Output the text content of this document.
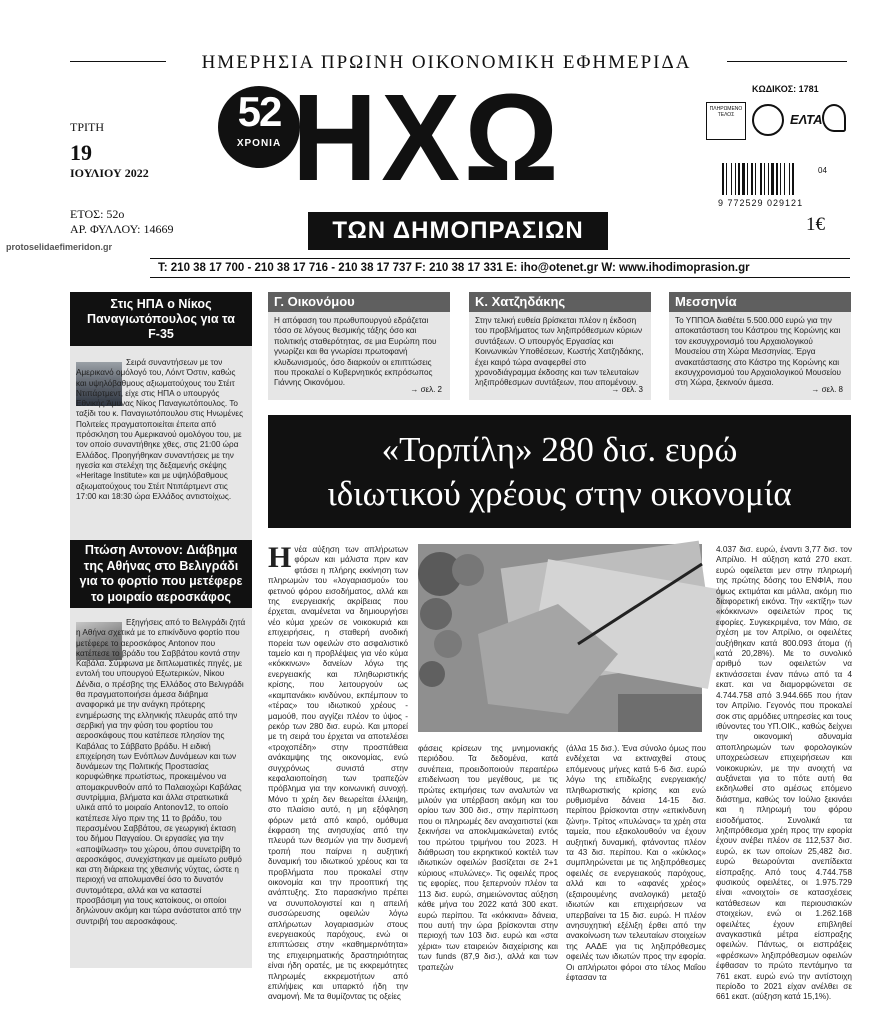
ΗΜΕΡΗΣΙΑ ΠΡΩΙΝΗ ΟΙΚΟΝΟΜΙΚΗ ΕΦΗΜΕΡΙΔΑ
ΤΡΙΤΗ
19
ΙΟΥΛΙΟΥ 2022
ΕΤΟΣ: 52ο
ΑΡ. ΦΥΛΛΟΥ: 14669
protoselidaefimeridon.gr
52
ΧΡΟΝΙΑ ΗΧΩ
ΤΩΝ ΔΗΜΟΠΡΑΣΙΩΝ
ΚΩΔΙΚΟΣ: 1781
ΠΛΗΡΩΜΕΝΟ ΤΕΛΟΣ	ΕΛΤΑ
04
9 772529 029121
1€
T: 210 38 17 700 - 210 38 17 716 - 210 38 17 737 F: 210 38 17 331 E: iho@otenet.gr W: www.ihodimoprasion.gr
Στις ΗΠΑ ο Νίκος Παναγιωτόπουλος για τα F-35
Σειρά συναντήσεων με τον Αμερικανό ομόλογό του, Λόιντ Όστιν, καθώς και υψηλόβαθμους αξιωματούχους του Στέιτ Ντιπάρτμεντ, είχε στις ΗΠΑ ο υπουργός Εθνικής Άμυνας Νίκος Παναγιωτόπουλος. Το ταξίδι του κ. Παναγιωτόπουλου στις Ηνωμένες Πολιτείες πραγματοποιείται έπειτα από πρόσκληση του Αμερικανού ομολόγου του, με τον οποίο συναντήθηκε χθες, στις 21:00 ώρα Ελλάδος. Προηγήθηκαν συναντήσεις με την ηγεσία και στελέχη της δεξαμενής σκέψης «Heritage Institute» και με υψηλόβαθμους αξιωματούχους του Στέιτ Ντιπάρτμεντ στις 17:00 και 18:30 ώρα Ελλάδος αντιστοίχως.
Πτώση Αντονοv: Διάβημα της Αθήνας στο Βελιγράδι για το φορτίο που μετέφερε το μοιραίο αεροσκάφος
Εξηγήσεις από το Βελιγράδι ζητά η Αθήνα σχετικά με το επικίνδυνο φορτίο που μετέφερε το αεροσκάφος Antonov που κατέπεσε το βράδυ του Σαββάτου κοντά στην Καβάλα. Σύμφωνα με διπλωματικές πηγές, με εντολή του υπουργού Εξωτερικών, Νίκου Δένδια, ο πρέσβης της Ελλάδος στο Βελιγράδι θα πραγματοποιήσει άμεσα διάβημα αναφορικά με την ανάγκη πρότερης ενημέρωσης της ελληνικής πλευράς από την σερβική για την φύση του φορτίου του αεροσκάφους που κατέπεσε πλησίον της Καβάλας το Σάββατο βράδυ. Η ειδική επιχείρηση των Ενόπλων Δυνάμεων και των δυνάμεων της Πολιτικής Προστασίας κορυφώθηκε πρωτίστως, προκειμένου να απομακρυνθούν από το Παλαιοχώρι Καβάλας συντρίμμια, βλήματα και άλλα στρατιωτικά υλικά από το μοιραίο Antonov12, το οποίο κατέπεσε λίγο πριν της 11 το βράδυ, του περασμένου Σαββάτου, σε γεωργική έκταση του δήμου Παγγαίου. Οι εργασίες για την «αποψίλωση» του χώρου, όπου συνετρίβη το αεροσκάφος, συνεχίστηκαν με αμείωτο ρυθμό και στη διάρκεια της χθεσινής νύχτας, ώστε η περιοχή να απολυμανθεί όσο το δυνατόν συντομότερα, αλλά και να καταστεί προσβάσιμη για τους κατοίκους, οι οποίοι δηλώνουν ακόμη και τώρα ανάστατοι από την συντριβή του αεροσκάφους.
Γ. Οικονόμου
Η απόφαση του πρωθυπουργού εδράζεται τόσο σε λόγους θεσμικής τάξης όσο και πολιτικής σταθερότητας, σε μια Ευρώπη που γνωρίζει και θα γνωρίσει πρωτοφανή κλυδωνισμούς, όσο διαρκούν οι επιπτώσεις που προκαλεί ο Κυβερνητικός εκπρόσωπος Γιάννης Οικονόμου.
→ σελ. 2
Κ. Χατζηδάκης
Στην τελική ευθεία βρίσκεται πλέον η έκδοση του προβλήματος των ληξιπρόθεσμων κύριων συντάξεων. Ο υπουργός Εργασίας και Κοινωνικών Υποθέσεων, Κωστής Χατζηδάκης, έχει καιρό τώρα αναφερθεί στο χρονοδιάγραμμα έκδοσης και των τελευταίων ληξιπρόθεσμων συντάξεων, που απομένουν.
→ σελ. 3
Μεσσηνία
Το ΥΠΠΟΑ διαθέτει 5.500.000 ευρώ για την αποκατάσταση του Κάστρου της Κορώνης και τον εκσυγχρονισμό του Αρχαιολογικού Μουσείου στη Χώρα Μεσσηνίας. Έργα ανακατάστασης στο Κάστρο της Κορώνης και εκσυγχρονισμού του Αρχαιολογικού Μουσείου στη Χώρα, ξεκινούν άμεσα.
→ σελ. 8
«Τορπίλη» 280 δισ. ευρώ
ιδιωτικού χρέους στην οικονομία
Ηνέα αύξηση των απλήρωτων φόρων και μάλιστα πριν καν φτάσει η πλήρης εκκίνηση των πληρωμών του «λογαριασμού» του φετινού φόρου εισοδήματος, αλλά και της ενεργειακής ακρίβειας που έρχεται, αναμένεται να δημιουργήσει νέο κύμα χρεών σε νοικοκυριά και επιχειρήσεις, η σταθερή ανοδική πορεία των οφειλών στο ασφαλιστικό ταμείο και η προβλέψεις για νέο κύμα «κόκκινων» δανείων λόγω της ενεργειακής και πληθωριστικής κρίσης, που λειτουργούν ως «καμπανάκι» κινδύνου, εκπέμπουν το «τέρας» του ιδιωτικού χρέους - μαμούθ, που αγγίζει πλέον το ύψος - ρεκόρ των 280 δισ. ευρώ. Και μπορεί με τη σειρά του έρχεται να αποτελέσει «τροχοπέδη» στην προσπάθεια ανάκαμψης της οικονομίας, ενώ συγχρόνως συνιστά στην κεφαλαιοποίηση των τραπεζών πρόβλημα για την κοινωνική συνοχή. Μόνο τι χρέη δεν θεωρείται έλλειψη, στο πλαίσιο αυτό, η μη εξόφληση φόρων μετά από καιρό, ομόθυμα έκφραση της ανησυχίας από την πλευρά των θεσμών για την δυσμενή τροπή που παίρνει η αυξητική δυναμική του ιδιωτικού χρέους και τα προβλήματα που προκαλεί στην οικονομία και την προοπτική της ανάπτυξης. Στο παρασκήνιο πρέπει να συνυπολογιστεί και η απειλή συσσώρευσης οφειλών λόγω απλήρωτων λογαριασμών στους ενεργειακούς παρόχους, ενώ οι επιπτώσεις στην «καθημερινότητα» της επιχειρηματικής δραστηριότητας είναι ήδη ορατές, με τις εκκρεμότητες πληρωμές εκκρεμοτήτων από επιλήψεις και υπαρκτό ήδη την αναμονή. Με τα θυμίζοντας τις οξείες
φάσεις κρίσεων της μνημονιακής περιόδου. Τα δεδομένα, κατά συνέπεια, προειδοποιούν περαιτέρω επιδείνωση του μεγέθους, με τις πρώτες εκτιμήσεις των αναλυτών να μιλούν για υπέρβαση ακόμη και του ορίου των 300 δισ., στην περίπτωση που οι πληρωμές δεν αναχαιτιστεί (και ξεκινήσει να αποκλιμακώνεται) εντός του πρώτου τριμήνου του 2023. Η διάθρωση του εκρηκτικού κοκτέιλ των ιδιωτικών οφειλών βασίζεται σε 2+1 κύριους «πυλώνες». Τις οφειλές προς τις εφορίες, που ξεπερνούν πλέον τα 113 δισ. ευρώ, σημειώνοντας αύξηση κάθε μήνα του 2022 κατά 300 εκατ. ευρώ περίπου. Τα «κόκκινα» δάνεια, που αυτή την ώρα βρίσκονται στην περιοχή των 103 δισ. ευρώ και «στα χέρια» των εταιρειών διαχείρισης και των funds (87,9 δισ.), αλλά και των τραπεζών
(άλλα 15 δισ.). Ένα σύνολο όμως που ενδέχεται να εκτιναχθεί στους επόμενους μήνες κατά 5-6 δισ. ευρώ λόγω της επιδίωξης ενεργειακής/πληθωριστικής κρίσης και ενώ ρυθμισμένα δάνεια 14-15 δισ. περίπου βρίσκονται στην «επικίνδυνη ζώνη». Τρίτος «πυλώνας» τα χρέη στα ταμεία, που εξακολουθούν να έχουν αυξητική δυναμική, φτάνοντας πλέον τα 43 δισ. περίπου. Και ο «κύκλος» συμπληρώνεται με τις ληξιπρόθεσμες οφειλές σε ενεργειακούς παρόχους, αλλά και το «αφανές χρέος» (εξαιρουμένης αναλογικά) μεταξύ ιδιωτών και επιχειρήσεων να υπερβαίνει τα 15 δισ. ευρώ. Η πλέον ανησυχητική εξέλιξη έρθει από την ανακοίνωση των τελευταίων στοιχείων της ΑΑΔΕ για τις ληξιπρόθεσμες οφειλές των ιδιωτών προς την εφορία. Οι απλήρωτοι φόροι στο τέλος Μαΐου έφτασαν τα
4.037 δισ. ευρώ, έναντι 3,77 δισ. τον Απρίλιο. Η αύξηση κατά 270 εκατ. ευρώ οφείλεται μεν στην πληρωμή της πρώτης δόσης του ΕΝΦΙΑ, που όμως εκτιμάται και μάλλα, ακόμη πιο διαφορετική εικόνα. Την «εκτίξη» των «κόκκινων» οφειλετών προς τις εφορίες. Συγκεκριμένα, τον Μάιο, σε σχέση με τον Απρίλιο, οι οφειλέτες αυξήθηκαν κατά 800.093 άτομα (ή κατά 20,28%). Με το συνολικό αριθμό των οφειλετών να εκτινάσσεται έναν πάνω από τα 4 εκατ. και να διαμορφώνεται σε 4.744.758 από 3.944.665 που ήταν τον Απρίλιο. Γεγονός που προκαλεί σοκ στις αρμόδιες υπηρεσίες και τους ιθύνοντες του ΥΠ.ΟΙΚ., καθώς δείχνει την οικονομική αδυναμία αποπληρωμών των φορολογικών υποχρεώσεων επιχειρήσεων και νοικοκυριών, με την ανοιχτή να αυξάνεται για το πότε αυτή θα εκδηλωθεί στο αμέσως επόμενο διάστημα, καθώς τον Ιούλιο ξεκινάει και η πληρωμή του φόρου εισοδήματος. Συνολικά τα ληξιπρόθεσμα χρέη προς την εφορία έχουν ανέβει πλέον σε 112,537 δισ. ευρώ, εκ των οποίων 25,482 δισ. ευρώ θεωρούνται ανεπίδεκτα είσπραξης. Από τους 4.744.758 φυσικούς οφειλέτες, οι 1.975.729 είναι «ανοιχτοί» σε κατασχέσεις κατάθεσεων και περιουσιακών στοιχείων, ενώ οι 1.262.168 οφειλέτες έχουν επιβληθεί αναγκαστικά μέτρα είσπραξης οφειλών. Πάντως, οι εισπράξεις «φρέσκων» ληξιπρόθεσμων οφειλών έφθασαν το πρώτο πεντάμηνο τα 761 εκατ. ευρώ ενώ την αντίστοιχη περίοδο το 2021 είχαν ανέλθει σε 661 εκατ. (αύξηση κατά 15,1%).
